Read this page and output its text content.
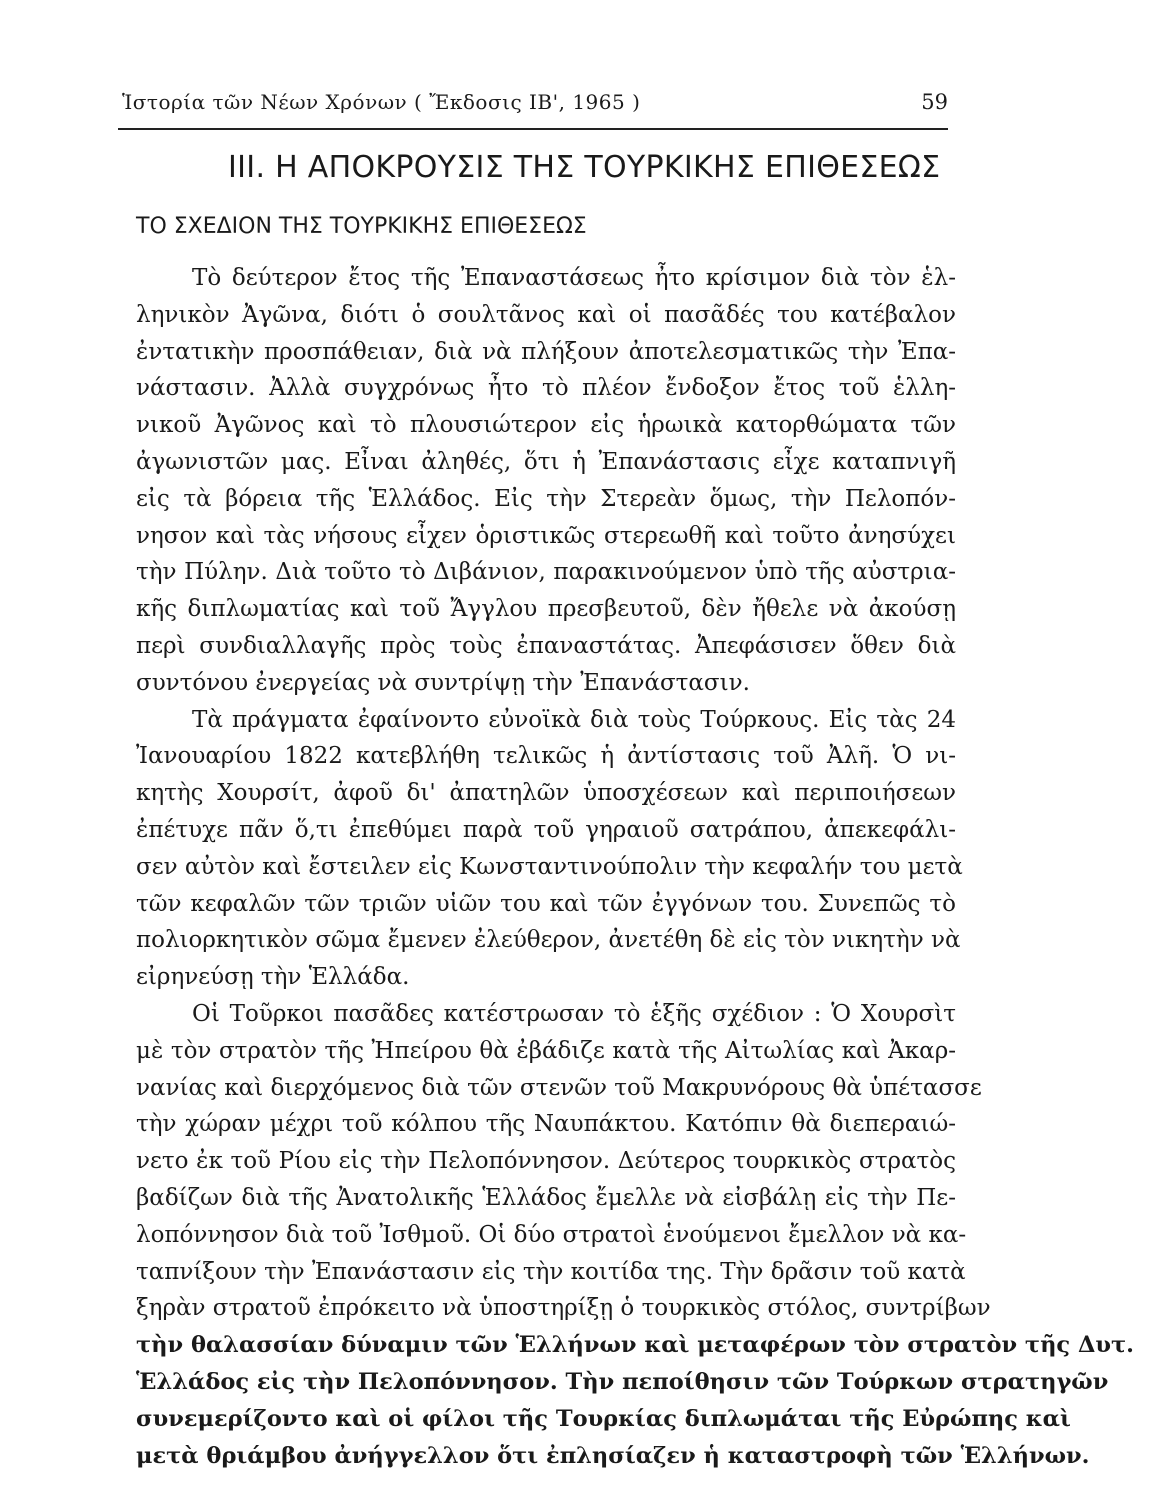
Ἱστορία τῶν Νέων Χρόνων ( Ἔκδοσις ΙΒ', 1965 )	59
III. Η ΑΠΟΚΡΟΥΣΙΣ ΤΗΣ ΤΟΥΡΚΙΚΗΣ ΕΠΙΘΕΣΕΩΣ
ΤΟ ΣΧΕΔΙΟΝ ΤΗΣ ΤΟΥΡΚΙΚΗΣ ΕΠΙΘΕΣΕΩΣ
Τὸ δεύτερον ἔτος τῆς Ἐπαναστάσεως ἦτο κρίσιμον διὰ τὸν ἑλ-
ληνικὸν Ἀγῶνα, διότι ὁ σουλτᾶνος καὶ οἱ πασᾶδές του κατέβαλον
ἐντατικὴν προσπάθειαν, διὰ νὰ πλήξουν ἀποτελεσματικῶς τὴν Ἐπα-
νάστασιν. Ἀλλὰ συγχρόνως ἦτο τὸ πλέον ἔνδοξον ἔτος τοῦ ἑλλη-
νικοῦ Ἀγῶνος καὶ τὸ πλουσιώτερον εἰς ἡρωικὰ κατορθώματα τῶν
ἀγωνιστῶν μας. Εἶναι ἀληθές, ὅτι ἡ Ἐπανάστασις εἶχε καταπνιγῆ
εἰς τὰ βόρεια τῆς Ἑλλάδος. Εἰς τὴν Στερεὰν ὅμως, τὴν Πελοπόν-
νησον καὶ τὰς νήσους εἶχεν ὁριστικῶς στερεωθῆ καὶ τοῦτο ἀνησύχει
τὴν Πύλην. Διὰ τοῦτο τὸ Διβάνιον, παρακινούμενον ὑπὸ τῆς αὐστρια-
κῆς διπλωματίας καὶ τοῦ Ἄγγλου πρεσβευτοῦ, δὲν ἤθελε νὰ ἀκούσῃ
περὶ συνδιαλλαγῆς πρὸς τοὺς ἐπαναστάτας. Ἀπεφάσισεν ὅθεν διὰ
συντόνου ἐνεργείας νὰ συντρίψῃ τὴν Ἐπανάστασιν.
Τὰ πράγματα ἐφαίνοντο εὐνοϊκὰ διὰ τοὺς Τούρκους. Εἰς τὰς 24
Ἰανουαρίου 1822 κατεβλήθη τελικῶς ἡ ἀντίστασις τοῦ Ἀλῆ. Ὁ νι-
κητὴς Χουρσίτ, ἀφοῦ δι' ἀπατηλῶν ὑποσχέσεων καὶ περιποιήσεων
ἐπέτυχε πᾶν ὅ,τι ἐπεθύμει παρὰ τοῦ γηραιοῦ σατράπου, ἀπεκεφάλι-
σεν αὐτὸν καὶ ἔστειλεν εἰς Κωνσταντινούπολιν τὴν κεφαλήν του μετὰ
τῶν κεφαλῶν τῶν τριῶν υἱῶν του καὶ τῶν ἐγγόνων του. Συνεπῶς τὸ
πολιορκητικὸν σῶμα ἔμενεν ἐλεύθερον, ἀνετέθη δὲ εἰς τὸν νικητὴν νὰ
εἰρηνεύσῃ τὴν Ἑλλάδα.
Οἱ Τοῦρκοι πασᾶδες κατέστρωσαν τὸ ἑξῆς σχέδιον : Ὁ Χουρσὶτ
μὲ τὸν στρατὸν τῆς Ἠπείρου θὰ ἐβάδιζε κατὰ τῆς Αἰτωλίας καὶ Ἀκαρ-
νανίας καὶ διερχόμενος διὰ τῶν στενῶν τοῦ Μακρυνόρους θὰ ὑπέτασσε
τὴν χώραν μέχρι τοῦ κόλπου τῆς Ναυπάκτου. Κατόπιν θὰ διεπεραιώ-
νετο ἐκ τοῦ Ρίου εἰς τὴν Πελοπόννησον. Δεύτερος τουρκικὸς στρατὸς
βαδίζων διὰ τῆς Ἀνατολικῆς Ἑλλάδος ἔμελλε νὰ εἰσβάλῃ εἰς τὴν Πε-
λοπόννησον διὰ τοῦ Ἰσθμοῦ. Οἱ δύο στρατοὶ ἑνούμενοι ἔμελλον νὰ κα-
ταπνίξουν τὴν Ἐπανάστασιν εἰς τὴν κοιτίδα της. Τὴν δρᾶσιν τοῦ κατὰ
ξηρὰν στρατοῦ ἐπρόκειτο νὰ ὑποστηρίξῃ ὁ τουρκικὸς στόλος, συντρίβων
τὴν θαλασσίαν δύναμιν τῶν Ἑλλήνων καὶ μεταφέρων τὸν στρατὸν τῆς Δυτ.
Ἑλλάδος εἰς τὴν Πελοπόννησον. Τὴν πεποίθησιν τῶν Τούρκων στρατηγῶν
συνεμερίζοντο καὶ οἱ φίλοι τῆς Τουρκίας διπλωμάται τῆς Εὐρώπης καὶ
μετὰ θριάμβου ἀνήγγελλον ὅτι ἐπλησίαζεν ἡ καταστροφὴ τῶν Ἑλλήνων.
